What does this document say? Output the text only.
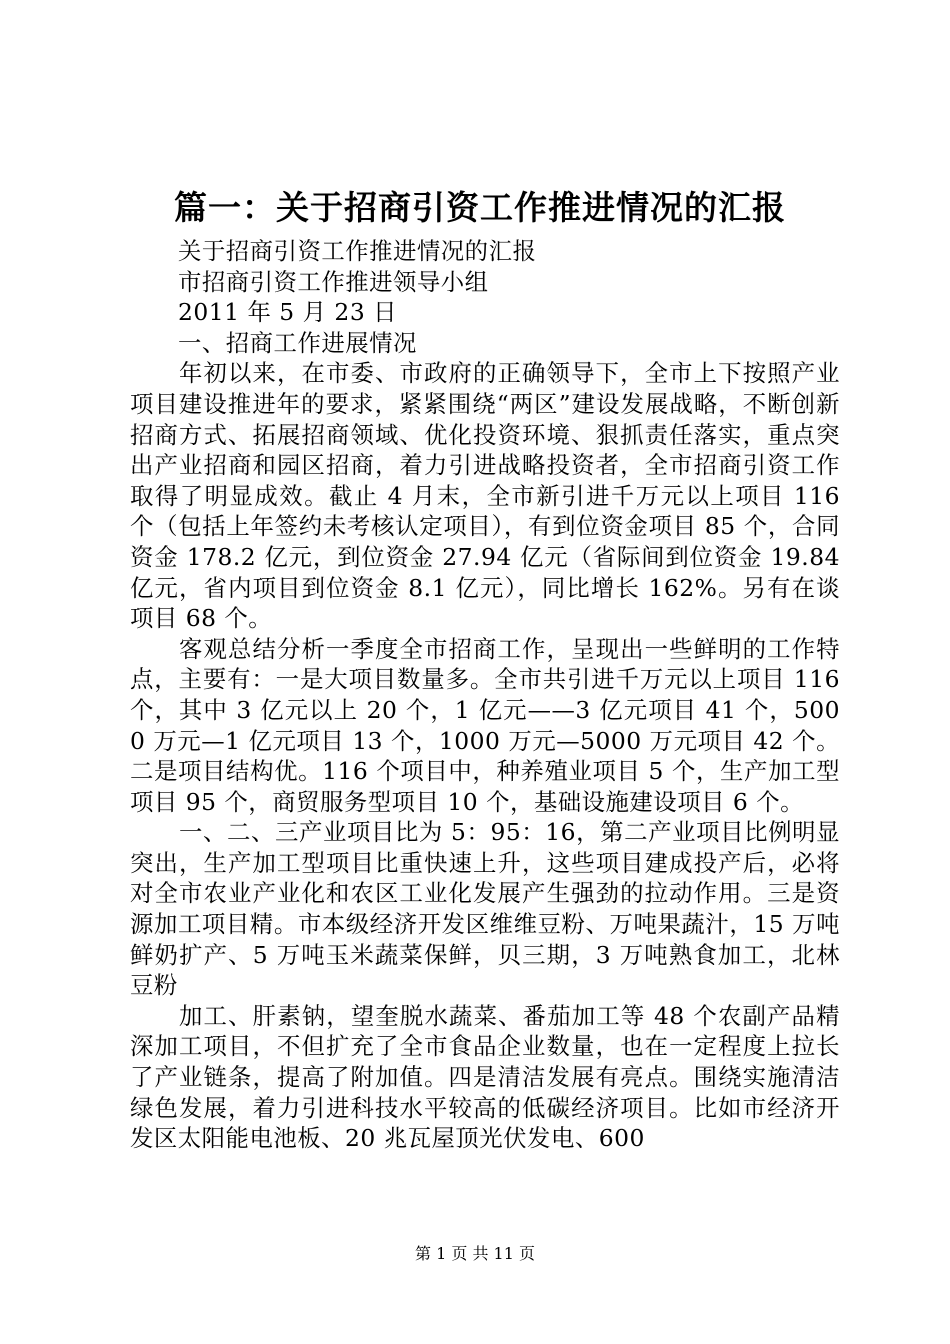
篇一：关于招商引资工作推进情况的汇报

关于招商引资工作推进情况的汇报

市招商引资工作推进领导小组

2011 年 5 月 23 日

一、招商工作进展情况

年初以来，在市委、市政府的正确领导下，全市上下按照产业项目建设推进年的要求，紧紧围绕“两区”建设发展战略，不断创新招商方式、拓展招商领域、优化投资环境、狠抓责任落实，重点突出产业招商和园区招商，着力引进战略投资者，全市招商引资工作取得了明显成效。截止 4 月末，全市新引进千万元以上项目 116 个（包括上年签约未考核认定项目），有到位资金项目 85 个，合同资金 178.2 亿元，到位资金 27.94 亿元（省际间到位资金 19.84 亿元，省内项目到位资金 8.1 亿元），同比增长 162%。另有在谈项目 68 个。

客观总结分析一季度全市招商工作，呈现出一些鲜明的工作特点，主要有：一是大项目数量多。全市共引进千万元以上项目 116 个，其中 3 亿元以上 20 个，1 亿元——3 亿元项目 41 个，5000 万元—1 亿元项目 13 个，1000 万元—5000 万元项目 42 个。二是项目结构优。116 个项目中，种养殖业项目 5 个，生产加工型项目 95 个，商贸服务型项目 10 个，基础设施建设项目 6 个。

一、二、三产业项目比为 5：95：16，第二产业项目比例明显突出，生产加工型项目比重快速上升，这些项目建成投产后，必将对全市农业产业化和农区工业化发展产生强劲的拉动作用。三是资源加工项目精。市本级经济开发区维维豆粉、万吨果蔬汁，15 万吨鲜奶扩产、5 万吨玉米蔬菜保鲜，贝三期，3 万吨熟食加工，北林豆粉

加工、肝素钠，望奎脱水蔬菜、番茄加工等 48 个农副产品精深加工项目，不但扩充了全市食品企业数量，也在一定程度上拉长了产业链条，提高了附加值。四是清洁发展有亮点。围绕实施清洁绿色发展，着力引进科技水平较高的低碳经济项目。比如市经济开发区太阳能电池板、20 兆瓦屋顶光伏发电、600

第 1 页 共 11 页
